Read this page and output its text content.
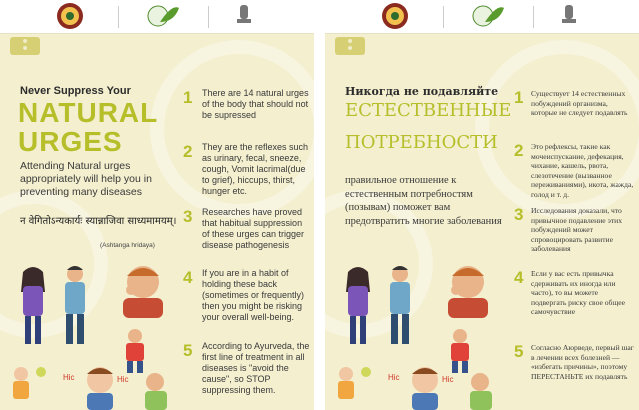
❁
❁
Never Suppress Your
NATURAL
URGES
Attending Natural urges appropriately will help you in preventing many diseases
न वेगितोऽन्यकार्यः स्यान्नाजिवा साध्यमामयम्।
(Ashtanga hridaya)
1 There are 14 natural urges of the body that should not be supressed
2 They are the reflexes such as urinary, fecal, sneeze, cough, Vomit lacrimal(due to grief), hiccups, thirst, hunger etc.
3 Researches have proved that habitual suppression of these urges can trigger disease pathogenesis
4 If you are in a habit of holding these back (sometimes or frequently) then you might be risking your overall well-being.
5 According to Ayurveda, the first line of treatment in all diseases is "avoid the cause", so STOP suppressing them.
Hic	Hic
❁
❁
Никогда не подавляйте
ЕСТЕСТВЕННЫЕ
ПОТРЕБНОСТИ
правильное отношение к естественным потребностям (позывам) поможет вам предотвратить многие заболевания
1 Существует 14 естественных побуждений организма, которые не следует подавлять
2 Это рефлексы, такие как мочеиспускание, дефекация, чихание, кашель, рвота, слезотечение (вызванное переживаниями), икота, жажда, голод и т. д.
3 Исследования доказали, что привычное подавление этих побуждений может спровоцировать развитие заболевания
4 Если у вас есть привычка сдерживать их иногда или часто), то вы можете подвергать риску свое общее самочувствие
5 Согласно Аюрведе, первый шаг в лечении всех болезней — «избегать причины», поэтому ПЕРЕСТАНЬТЕ их подавлять
Hic	Hic
